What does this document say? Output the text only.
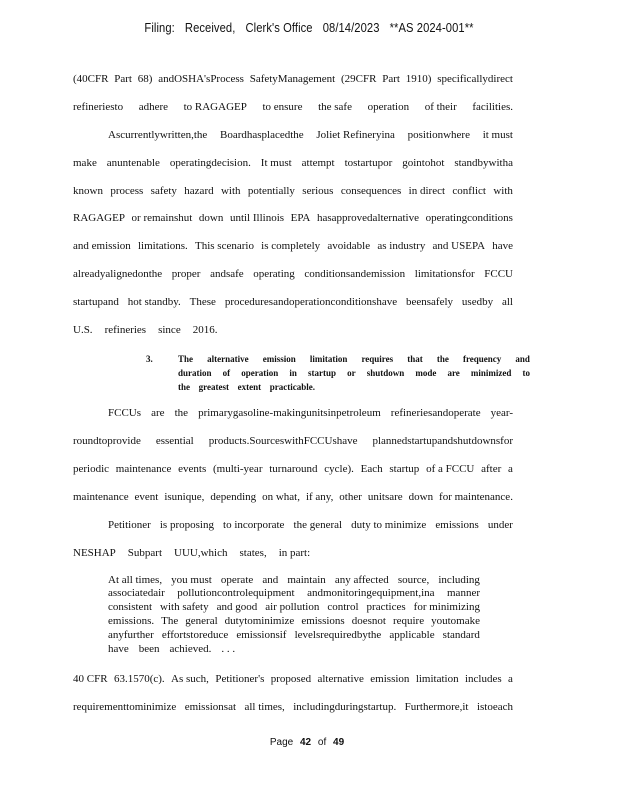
Filing: Received, Clerk's Office 08/14/2023 **AS 2024-001**
(40CFR Part 68) andOSHA'sProcess SafetyManagement (29CFR Part 1910) specificallydirect
refineriesto adhere to RAGAGEP to ensure the safe operation of their facilities.
Ascurrentlywritten,the Boardhasplacedthe Joliet Refineryina positionwhere it must
make anuntenable operatingdecision. It must attempt tostartupor gointohot standbywitha
known process safety hazard with potentially serious consequences in direct conflict with
RAGAGEP or remainshut down until Illinois EPA hasapprovedalternative operatingconditions
and emission limitations. This scenario is completely avoidable as industry and USEPA have
alreadyalignedonthe proper andsafe operating conditionsandemission limitationsfor FCCU
startupand hot standby. These proceduresandoperationconditionshave beensafely usedby all
U.S. refineries since 2016.
3.	The alternative emission limitation requires that the frequency and
duration of operation in startup or shutdown mode are minimized to
the greatest extent practicable.
FCCUs are the primarygasoline-makingunitsinpetroleum refineriesandoperate year-
roundtoprovide essential products.SourceswithFCCUshave plannedstartupandshutdownsfor
periodic maintenance events (multi-year turnaround cycle). Each startup of a FCCU after a
maintenance event isunique, depending on what, if any, other unitsare down for maintenance.
Petitioner is proposing to incorporate the general duty to minimize emissions under
NESHAP Subpart UUU,which states, in part:
At all times, you must operate and maintain any affected source, including
associatedair pollutioncontrolequipment andmonitoringequipment,ina manner
consistent with safety and good air pollution control practices for minimizing
emissions. The general dutytominimize emissions doesnot require youtomake
anyfurther effortstoreduce emissionsif levelsrequiredbythe applicable standard
have been achieved. . . .
40 CFR 63.1570(c). As such, Petitioner's proposed alternative emission limitation includes a
requirementtominimize emissionsat all times, includingduringstartup. Furthermore,it istoeach
Page 42 of 49
